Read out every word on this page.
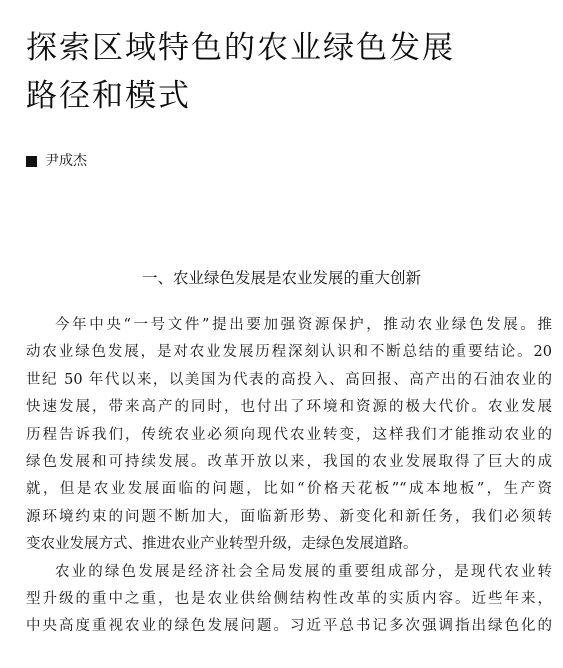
探索区域特色的农业绿色发展
路径和模式
尹成杰
一、农业绿色发展是农业发展的重大创新

今年中央“一号文件”提出要加强资源保护，推动农业绿色发展。推
动农业绿色发展，是对农业发展历程深刻认识和不断总结的重要结论。20
世纪 50 年代以来，以美国为代表的高投入、高回报、高产出的石油农业的
快速发展，带来高产的同时，也付出了环境和资源的极大代价。农业发展
历程告诉我们，传统农业必须向现代农业转变，这样我们才能推动农业的
绿色发展和可持续发展。改革开放以来，我国的农业发展取得了巨大的成
就，但是农业发展面临的问题，比如“价格天花板”“成本地板”，生产资
源环境约束的问题不断加大，面临新形势、新变化和新任务，我们必须转
变农业发展方式、推进农业产业转型升级，走绿色发展道路。

农业的绿色发展是经济社会全局发展的重要组成部分，是现代农业转
型升级的重中之重，也是农业供给侧结构性改革的实质内容。近些年来，
中央高度重视农业的绿色发展问题。习近平总书记多次强调指出绿色化的
